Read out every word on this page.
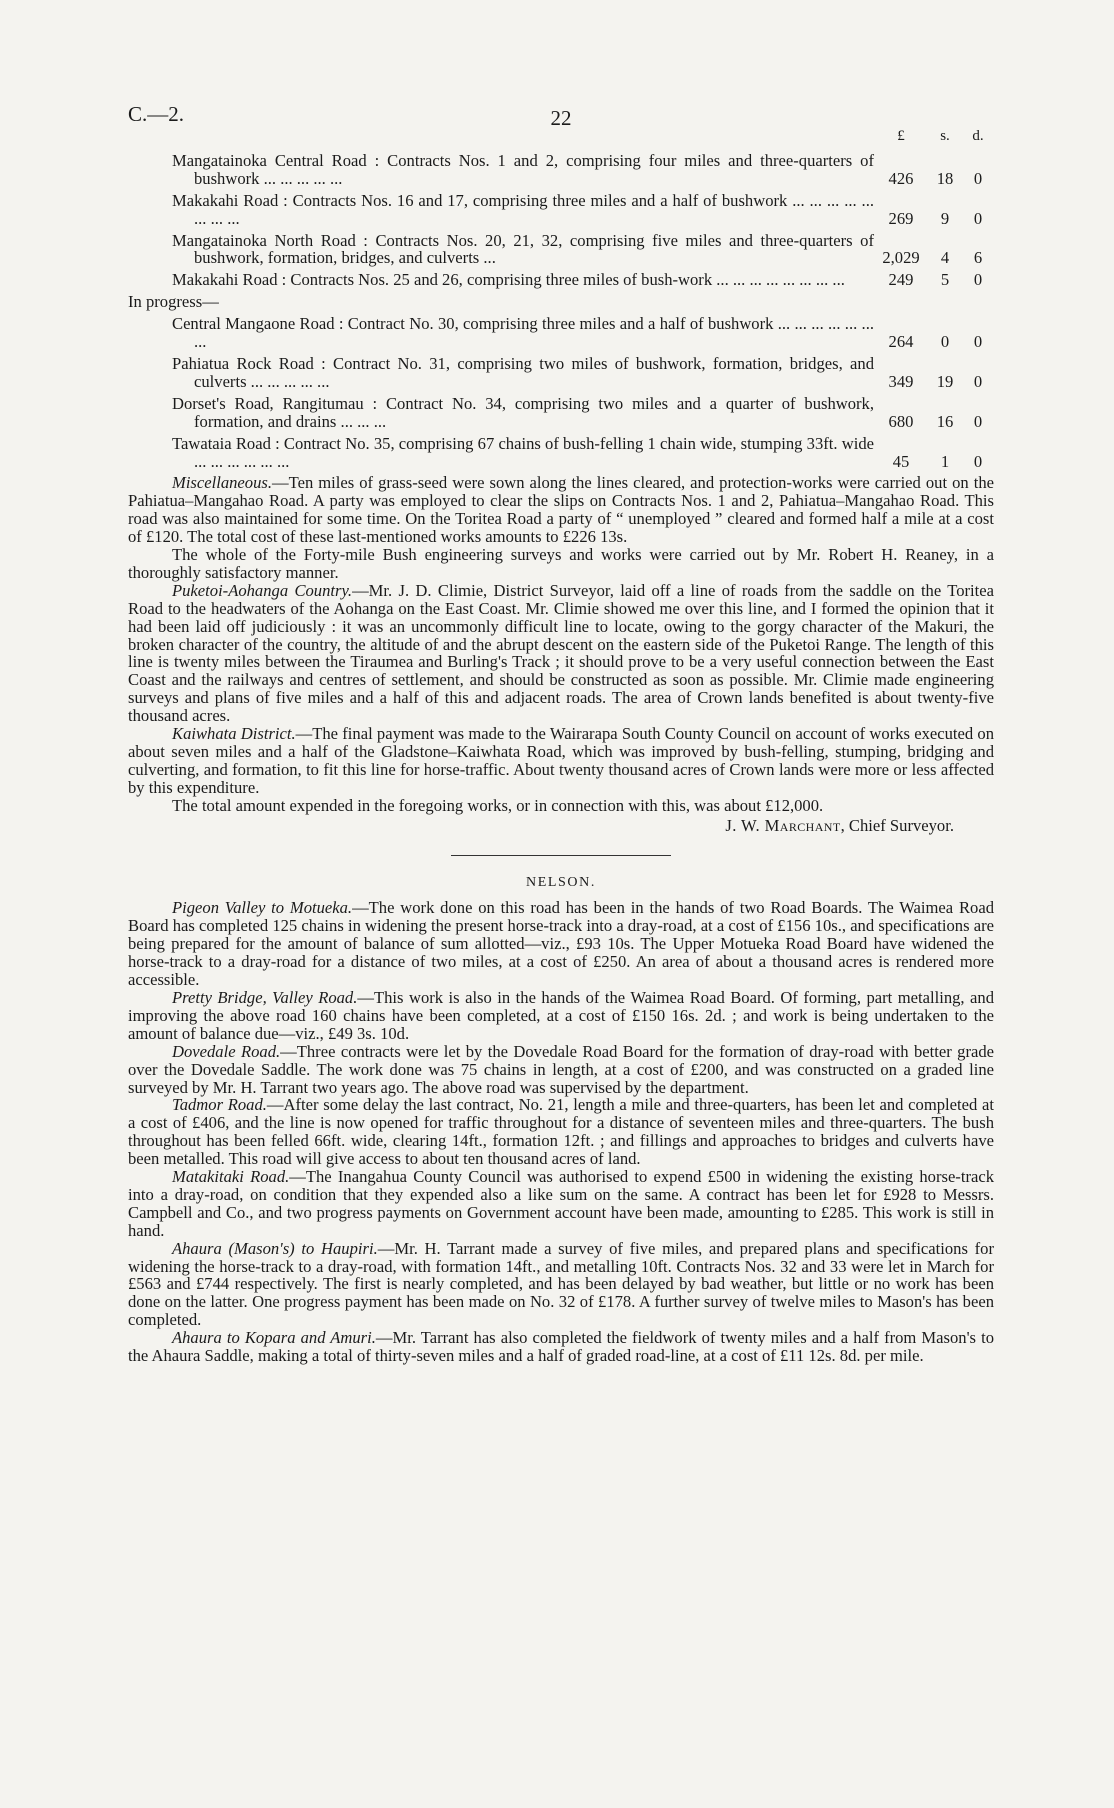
C.—2.	22
£	s.	d.
Mangatainoka Central Road : Contracts Nos. 1 and 2, comprising four miles and three-quarters of bushwork ... ... ... ... ...	426	18	0
Makakahi Road : Contracts Nos. 16 and 17, comprising three miles and a half of bushwork ... ... ... ... ... ... ... ...	269	9	0
Mangatainoka North Road : Contracts Nos. 20, 21, 32, comprising five miles and three-quarters of bushwork, formation, bridges, and culverts ...	2,029	4	6
Makakahi Road : Contracts Nos. 25 and 26, comprising three miles of bush-work ... ... ... ... ... ... ... ...	249	5	0
In progress—
Central Mangaone Road : Contract No. 30, comprising three miles and a half of bushwork ... ... ... ... ... ... ...	264	0	0
Pahiatua Rock Road : Contract No. 31, comprising two miles of bushwork, formation, bridges, and culverts ... ... ... ... ...	349	19	0
Dorset's Road, Rangitumau : Contract No. 34, comprising two miles and a quarter of bushwork, formation, and drains ... ... ...	680	16	0
Tawataia Road : Contract No. 35, comprising 67 chains of bush-felling 1 chain wide, stumping 33ft. wide ... ... ... ... ... ...	45	1	0

Miscellaneous.—Ten miles of grass-seed were sown along the lines cleared, and protection-works were carried out on the Pahiatua–Mangahao Road. A party was employed to clear the slips on Contracts Nos. 1 and 2, Pahiatua–Mangahao Road. This road was also maintained for some time. On the Toritea Road a party of “ unemployed ” cleared and formed half a mile at a cost of £120. The total cost of these last-mentioned works amounts to £226 13s.

The whole of the Forty-mile Bush engineering surveys and works were carried out by Mr. Robert H. Reaney, in a thoroughly satisfactory manner.

Puketoi-Aohanga Country.—Mr. J. D. Climie, District Surveyor, laid off a line of roads from the saddle on the Toritea Road to the headwaters of the Aohanga on the East Coast. Mr. Climie showed me over this line, and I formed the opinion that it had been laid off judiciously : it was an uncommonly difficult line to locate, owing to the gorgy character of the Makuri, the broken character of the country, the altitude of and the abrupt descent on the eastern side of the Puketoi Range. The length of this line is twenty miles between the Tiraumea and Burling's Track ; it should prove to be a very useful connection between the East Coast and the railways and centres of settlement, and should be constructed as soon as possible. Mr. Climie made engineering surveys and plans of five miles and a half of this and adjacent roads. The area of Crown lands benefited is about twenty-five thousand acres.

Kaiwhata District.—The final payment was made to the Wairarapa South County Council on account of works executed on about seven miles and a half of the Gladstone–Kaiwhata Road, which was improved by bush-felling, stumping, bridging and culverting, and formation, to fit this line for horse-traffic. About twenty thousand acres of Crown lands were more or less affected by this expenditure.

The total amount expended in the foregoing works, or in connection with this, was about £12,000.

J. W. Marchant, Chief Surveyor.
NELSON.

Pigeon Valley to Motueka.—The work done on this road has been in the hands of two Road Boards. The Waimea Road Board has completed 125 chains in widening the present horse-track into a dray-road, at a cost of £156 10s., and specifications are being prepared for the amount of balance of sum allotted—viz., £93 10s. The Upper Motueka Road Board have widened the horse-track to a dray-road for a distance of two miles, at a cost of £250. An area of about a thousand acres is rendered more accessible.

Pretty Bridge, Valley Road.—This work is also in the hands of the Waimea Road Board. Of forming, part metalling, and improving the above road 160 chains have been completed, at a cost of £150 16s. 2d. ; and work is being undertaken to the amount of balance due—viz., £49 3s. 10d.

Dovedale Road.—Three contracts were let by the Dovedale Road Board for the formation of dray-road with better grade over the Dovedale Saddle. The work done was 75 chains in length, at a cost of £200, and was constructed on a graded line surveyed by Mr. H. Tarrant two years ago. The above road was supervised by the department.

Tadmor Road.—After some delay the last contract, No. 21, length a mile and three-quarters, has been let and completed at a cost of £406, and the line is now opened for traffic throughout for a distance of seventeen miles and three-quarters. The bush throughout has been felled 66ft. wide, clearing 14ft., formation 12ft. ; and fillings and approaches to bridges and culverts have been metalled. This road will give access to about ten thousand acres of land.

Matakitaki Road.—The Inangahua County Council was authorised to expend £500 in widening the existing horse-track into a dray-road, on condition that they expended also a like sum on the same. A contract has been let for £928 to Messrs. Campbell and Co., and two progress payments on Government account have been made, amounting to £285. This work is still in hand.

Ahaura (Mason's) to Haupiri.—Mr. H. Tarrant made a survey of five miles, and prepared plans and specifications for widening the horse-track to a dray-road, with formation 14ft., and metalling 10ft. Contracts Nos. 32 and 33 were let in March for £563 and £744 respectively. The first is nearly completed, and has been delayed by bad weather, but little or no work has been done on the latter. One progress payment has been made on No. 32 of £178. A further survey of twelve miles to Mason's has been completed.

Ahaura to Kopara and Amuri.—Mr. Tarrant has also completed the fieldwork of twenty miles and a half from Mason's to the Ahaura Saddle, making a total of thirty-seven miles and a half of graded road-line, at a cost of £11 12s. 8d. per mile.
